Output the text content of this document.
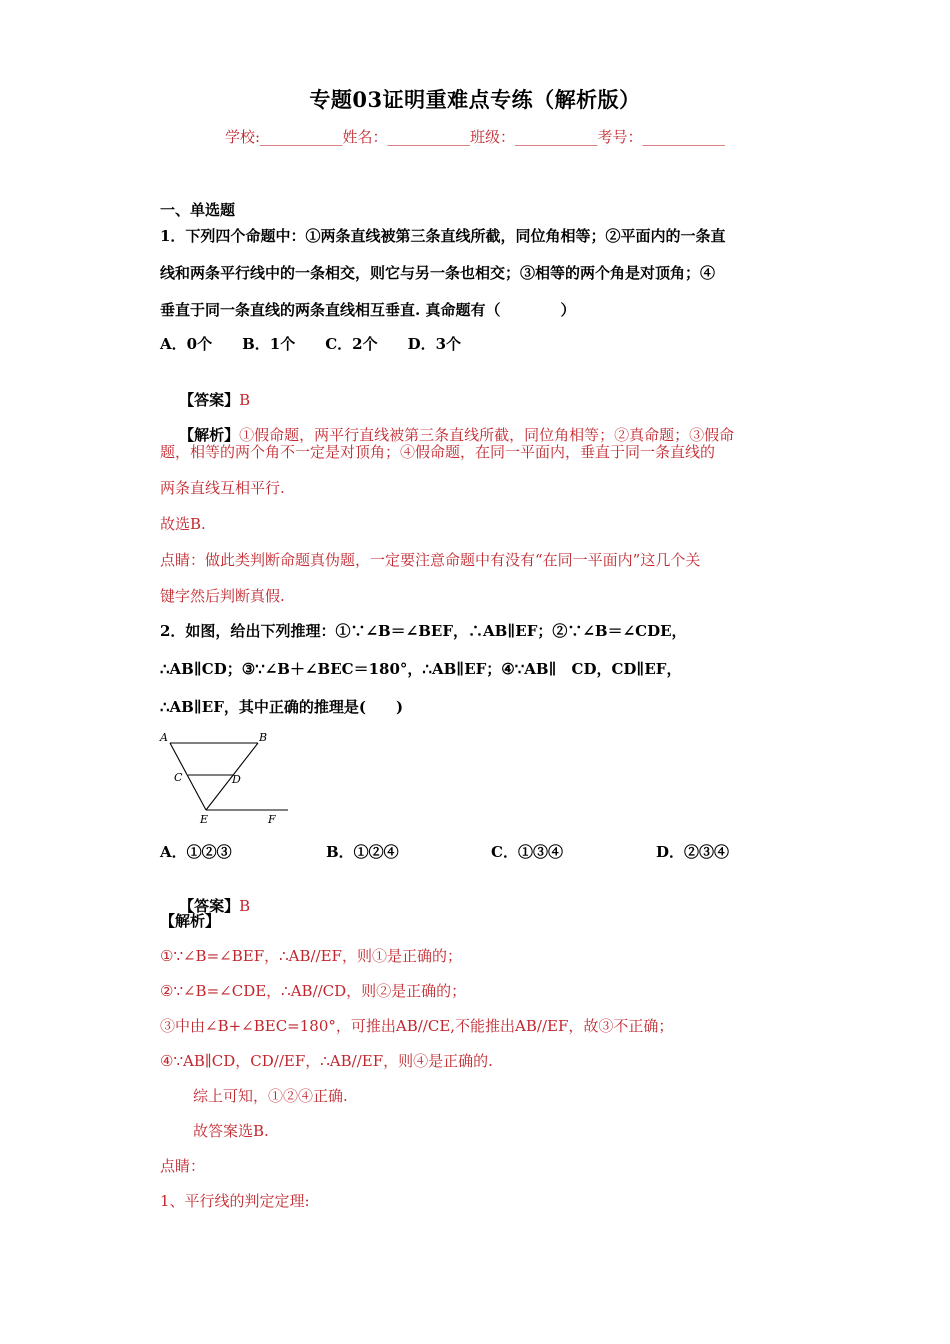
专题03证明重难点专练（解析版）
学校:___________姓名：___________班级：___________考号：___________
一、单选题
1．下列四个命题中：①两条直线被第三条直线所截，同位角相等；②平面内的一条直
线和两条平行线中的一条相交，则它与另一条也相交；③相等的两个角是对顶角；④
垂直于同一条直线的两条直线相互垂直. 真命题有（　　　　）
A．0个　　B．1个　　C．2个　　D．3个

【答案】B

【解析】①假命题，两平行直线被第三条直线所截，同位角相等；②真命题；③假命

题，相等的两个角不一定是对顶角；④假命题，在同一平面内，垂直于同一条直线的
两条直线互相平行.
故选B.
点睛：做此类判断命题真伪题，一定要注意命题中有没有“在同一平面内”这几个关
键字然后判断真假.
2．如图，给出下列推理：①∵∠B＝∠BEF，∴AB∥EF；②∵∠B＝∠CDE，
∴AB∥CD；③∵∠B＋∠BEC＝180°，∴AB∥EF；④∵AB∥　CD，CD∥EF，
∴AB∥EF，其中正确的推理是(　　)
A	B
C	D
E	F
A．①②③	B．①②④	C．①③④	D．②③④

【答案】B

【解析】
①∵∠B=∠BEF，∴AB//EF，则①是正确的；
②∵∠B=∠CDE，∴AB//CD，则②是正确的；
③中由∠B+∠BEC=180°，可推出AB//CE,不能推出AB//EF，故③不正确；
④∵AB∥CD，CD//EF，∴AB//EF，则④是正确的.
综上可知，①②④正确.
故答案选B.
点睛：
1、平行线的判定定理:
